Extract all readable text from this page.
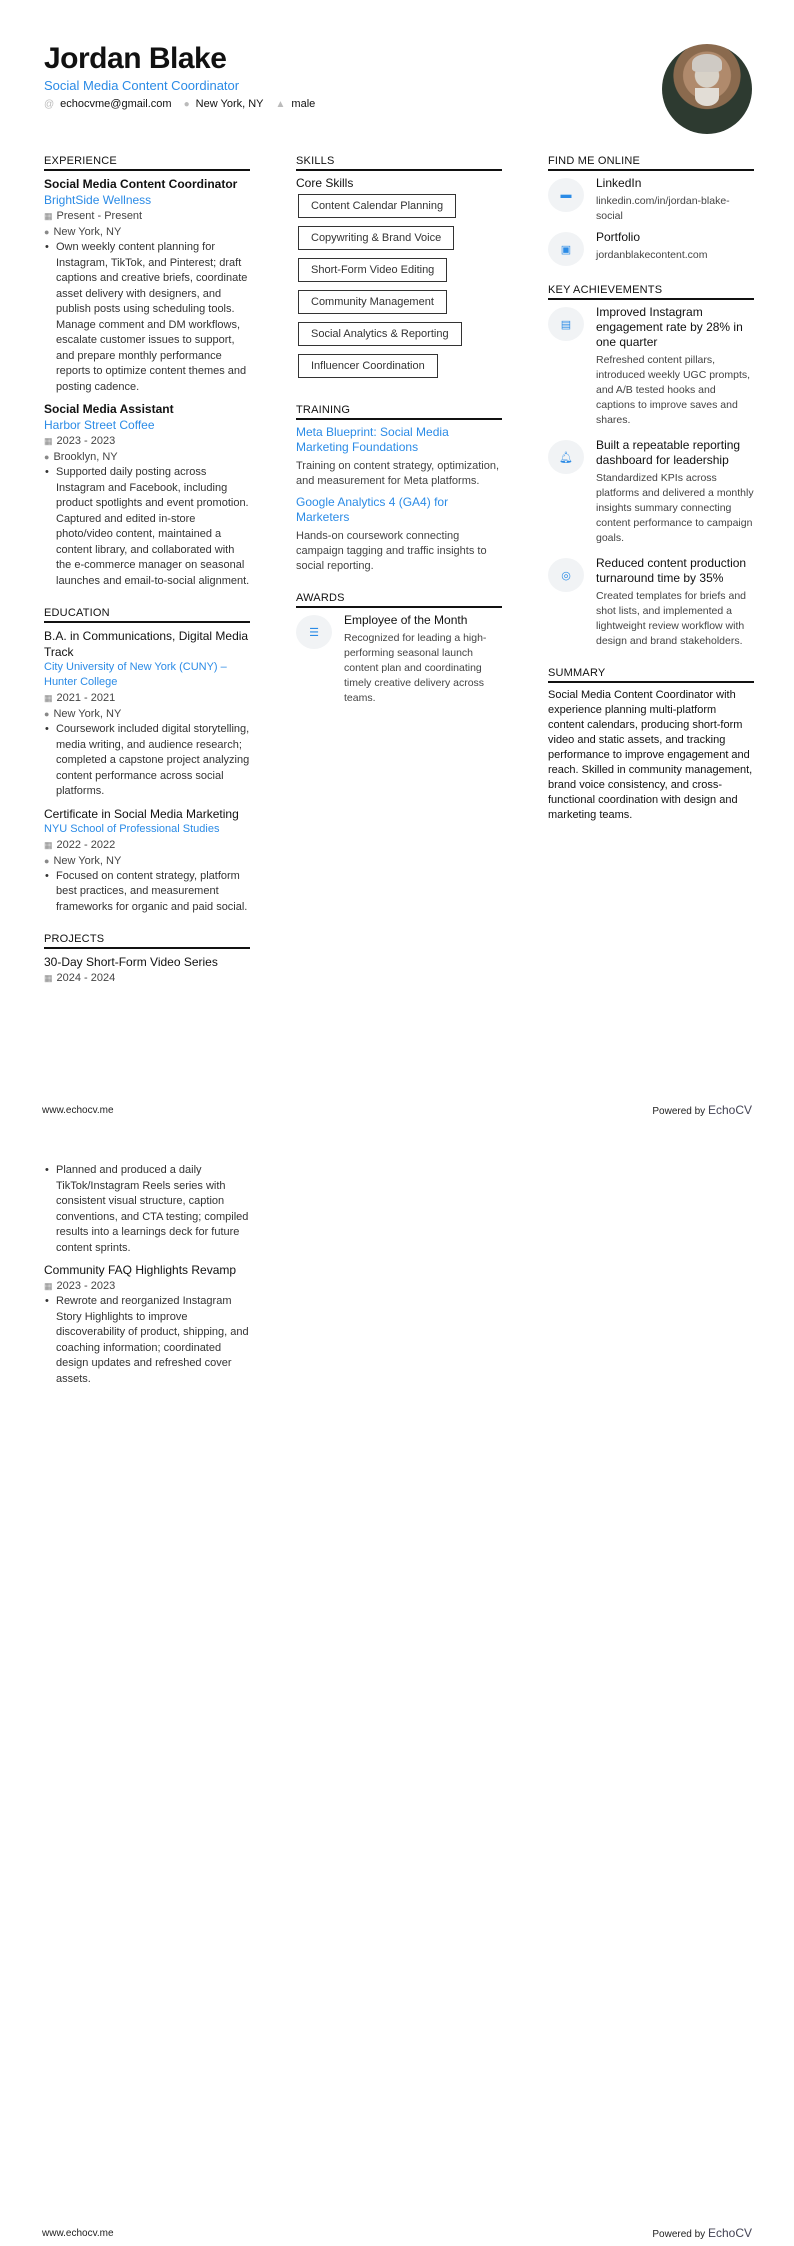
Jordan Blake
Social Media Content Coordinator
@ echocvme@gmail.com ● New York, NY ▲ male
EXPERIENCE
Social Media Content Coordinator
BrightSide Wellness
▦ Present - Present
● New York, NY
• Own weekly content planning for Instagram, TikTok, and Pinterest; draft captions and creative briefs, coordinate asset delivery with designers, and publish posts using scheduling tools. Manage comment and DM workflows, escalate customer issues to support, and prepare monthly performance reports to optimize content themes and posting cadence.
Social Media Assistant
Harbor Street Coffee
▦ 2023 - 2023
● Brooklyn, NY
• Supported daily posting across Instagram and Facebook, including product spotlights and event promotion. Captured and edited in-store photo/video content, maintained a content library, and collaborated with the e-commerce manager on seasonal launches and email-to-social alignment.
EDUCATION
B.A. in Communications, Digital Media Track
City University of New York (CUNY) – Hunter College
▦ 2021 - 2021
● New York, NY
• Coursework included digital storytelling, media writing, and audience research; completed a capstone project analyzing content performance across social platforms.
Certificate in Social Media Marketing
NYU School of Professional Studies
▦ 2022 - 2022
● New York, NY
• Focused on content strategy, platform best practices, and measurement frameworks for organic and paid social.
PROJECTS
30-Day Short-Form Video Series
▦ 2024 - 2024
SKILLS
Core Skills
Content Calendar Planning
Copywriting & Brand Voice
Short-Form Video Editing
Community Management
Social Analytics & Reporting
Influencer Coordination
TRAINING
Meta Blueprint: Social Media Marketing Foundations
Training on content strategy, optimization, and measurement for Meta platforms.
Google Analytics 4 (GA4) for Marketers
Hands-on coursework connecting campaign tagging and traffic insights to social reporting.
AWARDS
☰
Employee of the Month
Recognized for leading a high-performing seasonal launch content plan and coordinating timely creative delivery across teams.
FIND ME ONLINE
▬
LinkedIn
linkedin.com/in/jordan-blake-social
▣
Portfolio
jordanblakecontent.com
KEY ACHIEVEMENTS
▤
Improved Instagram engagement rate by 28% in one quarter
Refreshed content pillars, introduced weekly UGC prompts, and A/B tested hooks and captions to improve saves and shares.
🔔︎
Built a repeatable reporting dashboard for leadership
Standardized KPIs across platforms and delivered a monthly insights summary connecting content performance to campaign goals.
◎
Reduced content production turnaround time by 35%
Created templates for briefs and shot lists, and implemented a lightweight review workflow with design and brand stakeholders.
SUMMARY
Social Media Content Coordinator with experience planning multi-platform content calendars, producing short-form video and static assets, and tracking performance to improve engagement and reach. Skilled in community management, brand voice consistency, and cross-functional coordination with design and marketing teams.
www.echocv.me	Powered by EchoCV
• Planned and produced a daily TikTok/Instagram Reels series with consistent visual structure, caption conventions, and CTA testing; compiled results into a learnings deck for future content sprints.
Community FAQ Highlights Revamp
▦ 2023 - 2023
• Rewrote and reorganized Instagram Story Highlights to improve discoverability of product, shipping, and coaching information; coordinated design updates and refreshed cover assets.
www.echocv.me	Powered by EchoCV
